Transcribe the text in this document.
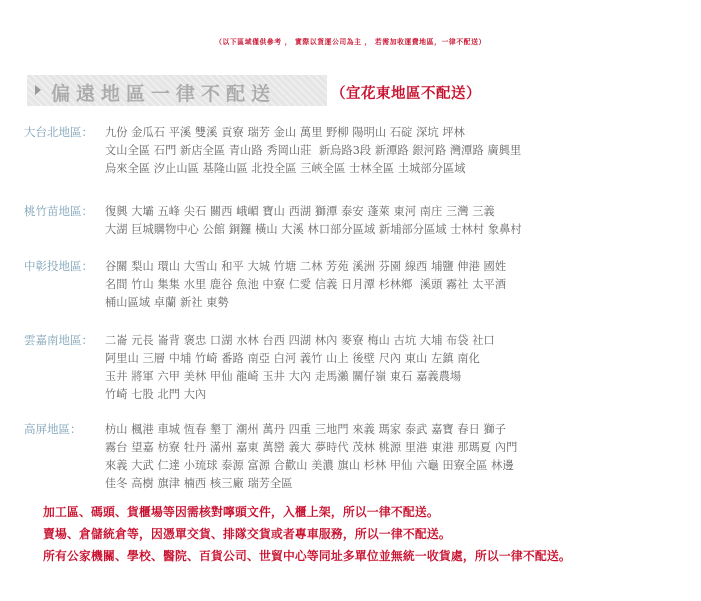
（以下區域僅供參考 ， 實際以貨運公司為主 ， 若需加收運費地區，一律不配送）
偏遠地區一律不配送	（宜花東地區不配送）
大台北地區： 九份 金瓜石 平溪 雙溪 貢寮 瑞芳 金山 萬里 野柳 陽明山 石碇 深坑 坪林
文山全區 石門 新店全區 青山路 秀岡山莊  新烏路3段 新潭路 銀河路 灣潭路 廣興里
烏來全區 汐止山區 基隆山區 北投全區 三峽全區 士林全區 土城部分區域
桃竹苗地區： 復興 大壩 五峰 尖石 關西 峨嵋 寶山 西湖 獅潭 泰安 蓬萊 東河 南庄 三灣 三義
大湖 巨城購物中心 公館 銅鑼 橫山 大溪 林口部分區域 新埔部分區域 士林村 象鼻村
中彰投地區： 谷關 梨山 環山 大雪山 和平 大城 竹塘 二林 芳苑 溪洲 芬園 線西 埔鹽 伸港 國姓
名間 竹山 集集 水里 鹿谷 魚池 中寮 仁愛 信義 日月潭 杉林鄉  溪頭 霧社 太平酒
桶山區域 卓蘭 新社 東勢
雲嘉南地區： 二崙 元長 崙背 褒忠 口湖 水林 台西 四湖 林內 麥寮 梅山 古坑 大埔 布袋 社口
阿里山 三層 中埔 竹崎 番路 南亞 白河 義竹 山上 後壁 尺內 東山 左鎮 南化
玉井 將軍 六甲 美林 甲仙 龍崎 玉井 大內 走馬瀨 關仔嶺 東石 嘉義農場
竹崎 七股 北門 大內
高屏地區： 枋山 楓港 車城 恆春 墾丁 潮州 萬丹 四重 三地門 來義 瑪家 泰武 嘉寶 春日 獅子
霧台 望嘉 枋寮 牡丹 滿州 嘉東 萬巒 義大 夢時代 茂林 桃源 里港 東港 那瑪夏 內門
來義 大武 仁達 小琉球 泰源 富源 合歡山 美濃 旗山 杉林 甲仙 六龜 田寮全區 林邊
佳冬 高樹 旗津 楠西 核三廠 瑞芳全區
加工區、碼頭、貨櫃場等因需核對嚀頭文件，入櫃上架，所以一律不配送。
賣場、倉儲統倉等，因憑單交貨、排隊交貨或者專車服務，所以一律不配送。
所有公家機關、學校、醫院、百貨公司、世貿中心等同址多單位並無統一收貨處，所以一律不配送。
